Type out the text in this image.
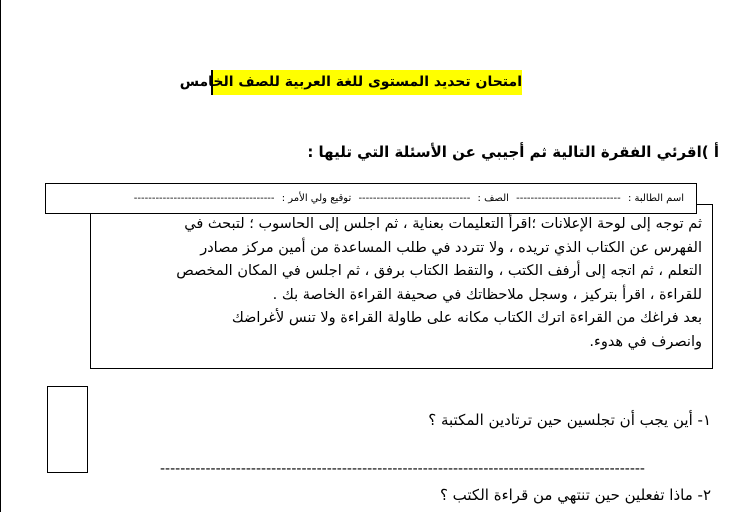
امتحان تحديد المستوى للغة العربية للصف الخامس
أ )اقرئي الفقرة التالية ثم أجيبي عن الأسئلة التي تليها :
ثم توجه إلى لوحة الإعلانات ؛اقرأ التعليمات بعناية ، ثم اجلس إلى الحاسوب ؛ لتبحث في
الفهرس عن الكتاب الذي تريده ، ولا تتردد في طلب المساعدة من أمين مركز مصادر
التعلم ، ثم اتجه إلى أرفف الكتب ، والتقط الكتاب برفق ، ثم اجلس في المكان المخصص
للقراءة ، اقرأ بتركيز ، وسجل ملاحظاتك في صحيفة القراءة الخاصة بك .
بعد فراغك من القراءة اترك الكتاب مكانه على طاولة القراءة ولا تنس لأغراضك
وانصرف في هدوء.
اسم الطالبة : ----------------------------- الصف : ------------------------------- توقيع ولي الأمر : ---------------------------------------
١- أين يجب أن تجلسين حين ترتادين المكتبة ؟
------------------------------------------------------------------------------------------------
٢- ماذا تفعلين حين تنتهي من قراءة الكتب ؟
